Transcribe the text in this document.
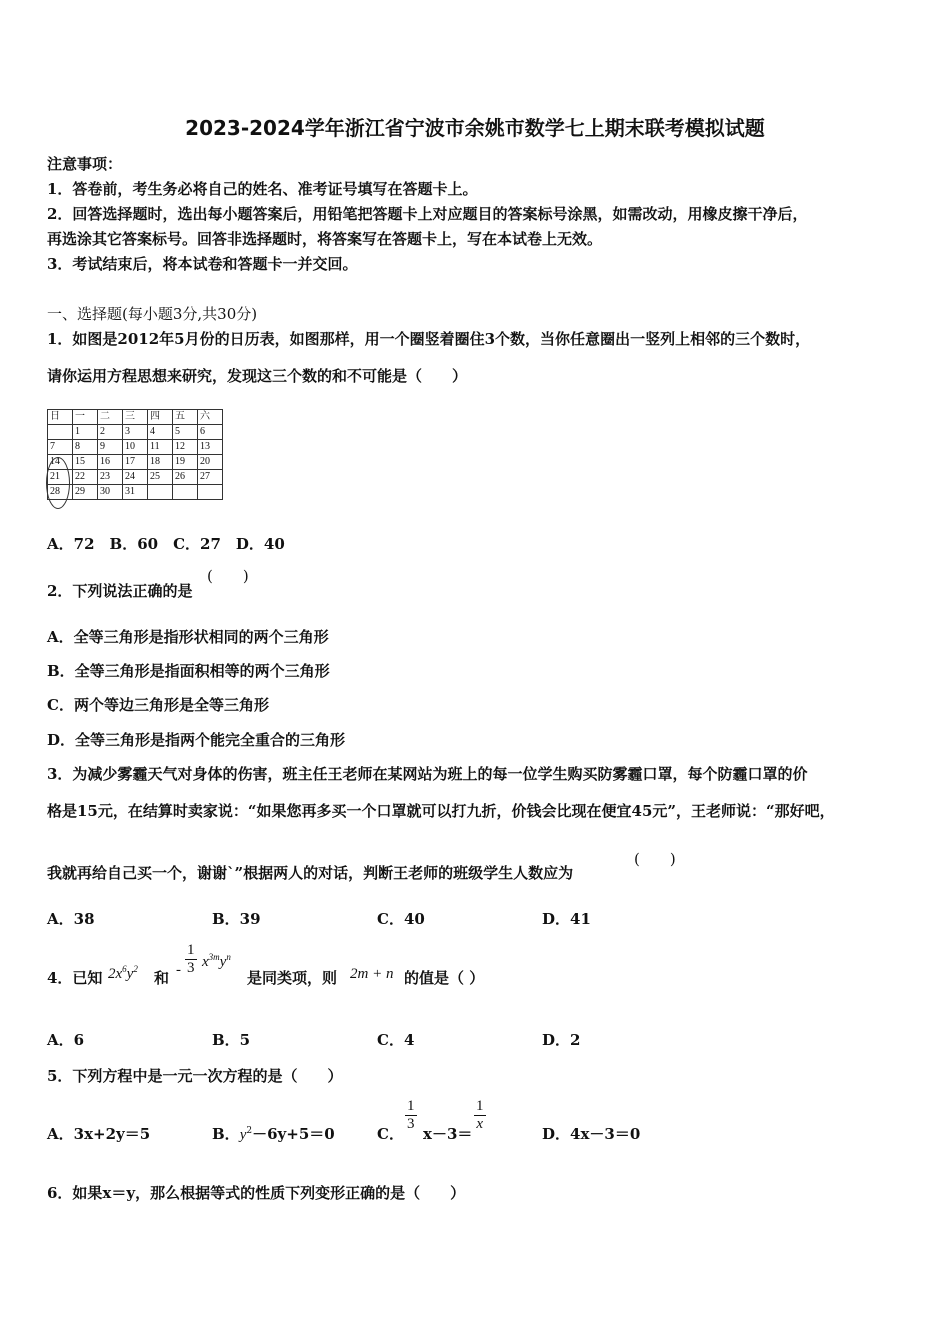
2023-2024学年浙江省宁波市余姚市数学七上期末联考模拟试题
注意事项：
1．答卷前，考生务必将自己的姓名、准考证号填写在答题卡上。
2．回答选择题时，选出每小题答案后，用铅笔把答题卡上对应题目的答案标号涂黑，如需改动，用橡皮擦干净后，
再选涂其它答案标号。回答非选择题时，将答案写在答题卡上，写在本试卷上无效。
3．考试结束后，将本试卷和答题卡一并交回。
一、选择题(每小题3分,共30分)
1．如图是2012年5月份的日历表，如图那样，用一个圈竖着圈住3个数，当你任意圈出一竖列上相邻的三个数时，
请你运用方程思想来研究，发现这三个数的和不可能是（　　）
日	一	二	三	四	五	六
	1	2	3	4	5	6
7	8	9	10	11	12	13
14	15	16	17	18	19	20
21	22	23	24	25	26	27
28	29	30	31			
A．72　B．60　C．27　D．40
2．下列说法正确的是
(　　)
A．全等三角形是指形状相同的两个三角形
B．全等三角形是指面积相等的两个三角形
C．两个等边三角形是全等三角形
D．全等三角形是指两个能完全重合的三角形
3．为减少雾霾天气对身体的伤害，班主任王老师在某网站为班上的每一位学生购买防雾霾口罩，每个防霾口罩的价
格是15元，在结算时卖家说：“如果您再多买一个口罩就可以打九折，价钱会比现在便宜45元”，王老师说：“那好吧，
我就再给自己买一个，谢谢`”根据两人的对话，判断王老师的班级学生人数应为
(　　)
A．38	B．39	C．40	D．41
4．已知 $2x^6y^2$ 和 - $\frac{1}{3} x^{3m}y^n$
是同类项，则 2m + n 的值是（ ）
A．6	B．5	C．4	D．2
5．下列方程中是一元一次方程的是（　　）
A．3x+2y＝5	B．$y^2-6y+5=0$	C．
$\frac{1}{3}$
x－3＝
$\frac{1}{x}$
D．4x－3＝0
6．如果x＝y，那么根据等式的性质下列变形正确的是（　　）
